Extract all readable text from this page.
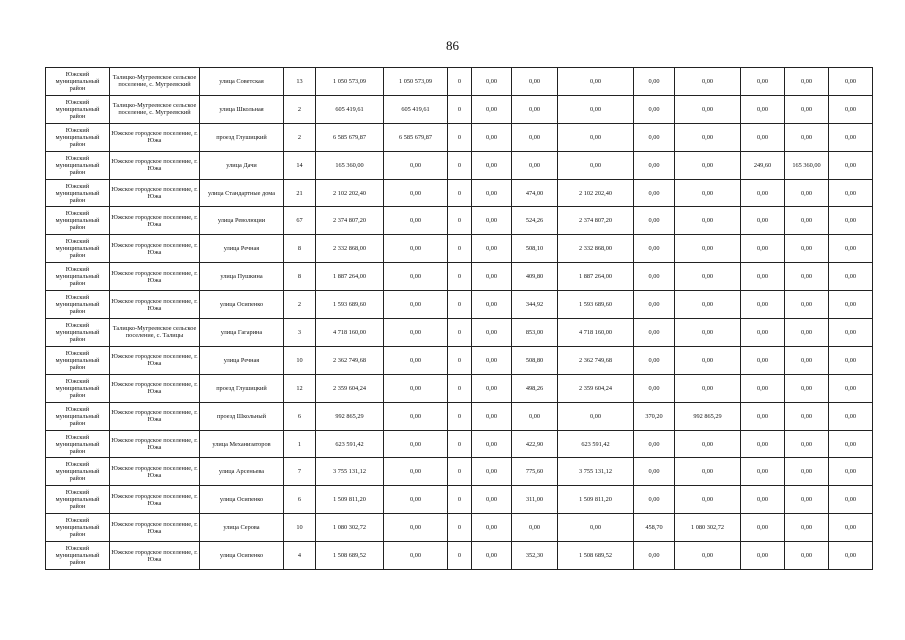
86
Южский муниципальный район	Талицко-Мугреевское сельское поселение, с. Мугреевский	улица Советская	13	1 050 573,09	1 050 573,09	0	0,00	0,00	0,00	0,00	0,00	0,00	0,00	0,00
Южский муниципальный район	Талицко-Мугреевское сельское поселение, с. Мугреевский	улица Школьная	2	605 419,61	605 419,61	0	0,00	0,00	0,00	0,00	0,00	0,00	0,00	0,00
Южский муниципальный район	Южское городское поселение, г. Южа	проезд Глушицкий	2	6 585 679,87	6 585 679,87	0	0,00	0,00	0,00	0,00	0,00	0,00	0,00	0,00
Южский муниципальный район	Южское городское поселение, г. Южа	улица Дачи	14	165 360,00	0,00	0	0,00	0,00	0,00	0,00	0,00	249,60	165 360,00	0,00
Южский муниципальный район	Южское городское поселение, г. Южа	улица Стандартные дома	21	2 102 202,40	0,00	0	0,00	474,00	2 102 202,40	0,00	0,00	0,00	0,00	0,00
Южский муниципальный район	Южское городское поселение, г. Южа	улица Революции	67	2 374 807,20	0,00	0	0,00	524,26	2 374 807,20	0,00	0,00	0,00	0,00	0,00
Южский муниципальный район	Южское городское поселение, г. Южа	улица Речная	8	2 332 868,00	0,00	0	0,00	508,10	2 332 868,00	0,00	0,00	0,00	0,00	0,00
Южский муниципальный район	Южское городское поселение, г. Южа	улица Пушкина	8	1 887 264,00	0,00	0	0,00	409,80	1 887 264,00	0,00	0,00	0,00	0,00	0,00
Южский муниципальный район	Южское городское поселение, г. Южа	улица Осипенко	2	1 593 689,60	0,00	0	0,00	344,92	1 593 689,60	0,00	0,00	0,00	0,00	0,00
Южский муниципальный район	Талицко-Мугреевское сельское поселение, с. Талицы	улица Гагарина	3	4 718 160,00	0,00	0	0,00	853,00	4 718 160,00	0,00	0,00	0,00	0,00	0,00
Южский муниципальный район	Южское городское поселение, г. Южа	улица Речная	10	2 362 749,68	0,00	0	0,00	508,80	2 362 749,68	0,00	0,00	0,00	0,00	0,00
Южский муниципальный район	Южское городское поселение, г. Южа	проезд Глушицкий	12	2 359 604,24	0,00	0	0,00	498,26	2 359 604,24	0,00	0,00	0,00	0,00	0,00
Южский муниципальный район	Южское городское поселение, г. Южа	проезд Школьный	6	992 865,29	0,00	0	0,00	0,00	0,00	370,20	992 865,29	0,00	0,00	0,00
Южский муниципальный район	Южское городское поселение, г. Южа	улица Механизаторов	1	623 591,42	0,00	0	0,00	422,90	623 591,42	0,00	0,00	0,00	0,00	0,00
Южский муниципальный район	Южское городское поселение, г. Южа	улица Арсеньева	7	3 755 131,12	0,00	0	0,00	775,60	3 755 131,12	0,00	0,00	0,00	0,00	0,00
Южский муниципальный район	Южское городское поселение, г. Южа	улица Осипенко	6	1 509 811,20	0,00	0	0,00	311,00	1 509 811,20	0,00	0,00	0,00	0,00	0,00
Южский муниципальный район	Южское городское поселение, г. Южа	улица Серова	10	1 080 302,72	0,00	0	0,00	0,00	0,00	458,70	1 080 302,72	0,00	0,00	0,00
Южский муниципальный район	Южское городское поселение, г. Южа	улица Осипенко	4	1 508 689,52	0,00	0	0,00	352,30	1 508 689,52	0,00	0,00	0,00	0,00	0,00
